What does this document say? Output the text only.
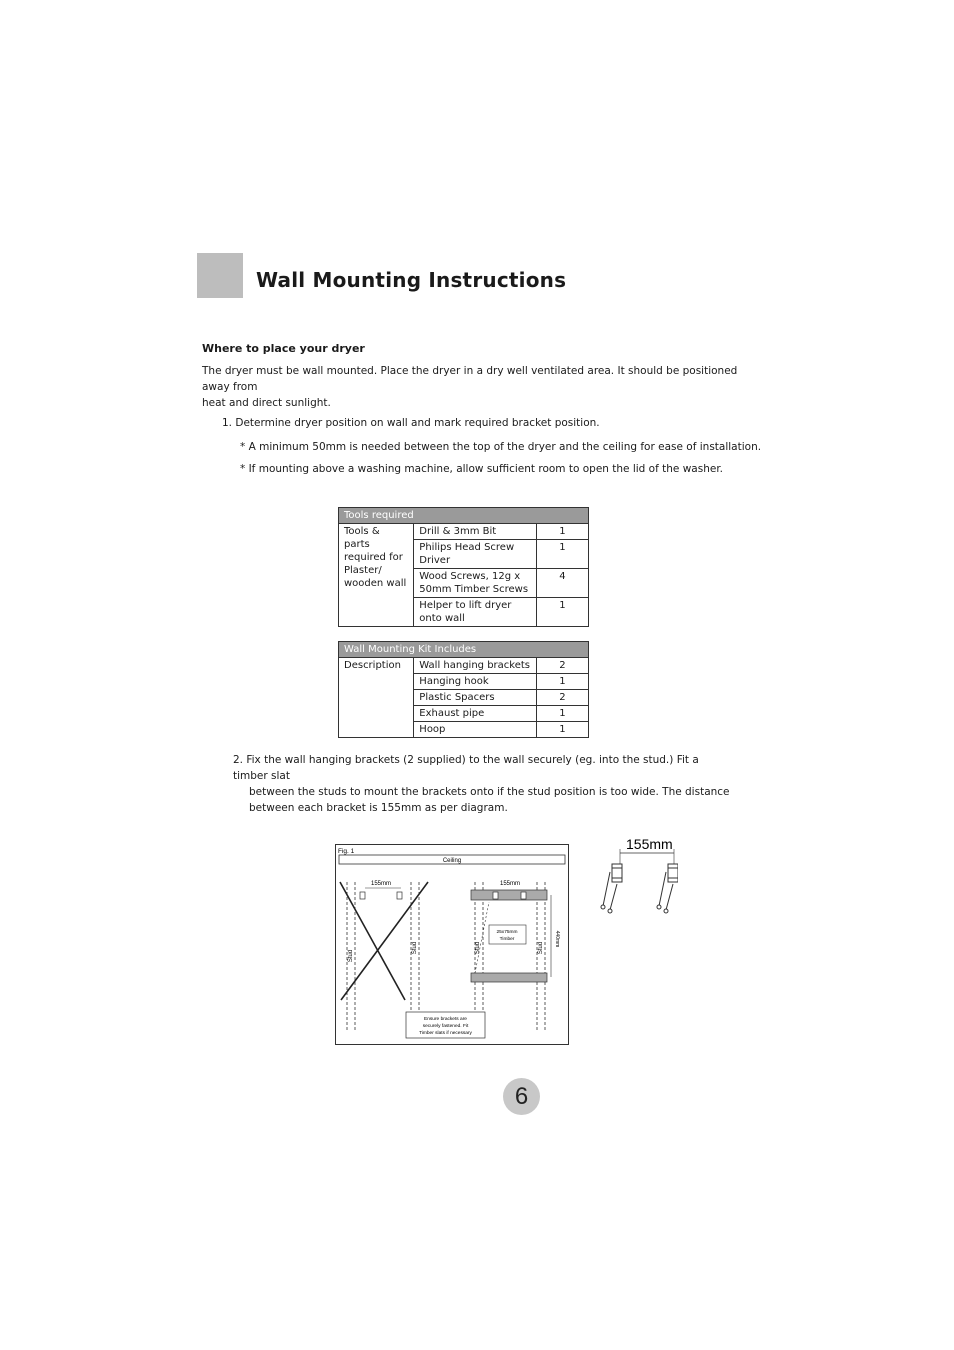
Wall Mounting Instructions
Where to place your dryer
The dryer must be wall mounted. Place the dryer in a dry well ventilated area. It should be positioned away from
heat and direct sunlight.
1. Determine dryer position on wall and mark required bracket position.
* A minimum 50mm is needed between the top of the dryer and the ceiling for ease of installation.
* If mounting above a washing machine, allow sufficient room to open the lid of the washer.
Tools required		
Tools & parts required for Plaster/ wooden wall	Drill & 3mm Bit	1
	Philips Head Screw Driver	1
	Wood Screws, 12g x 50mm Timber Screws	4
	Helper to lift dryer onto wall	1
Wall Mounting Kit Includes		
Description	Wall hanging brackets	2
	Hanging hook	1
	Plastic Spacers	2
	Exhaust pipe	1
	Hoop	1
2. Fix the wall hanging brackets (2 supplied) to the wall securely (eg. into the stud.) Fit a timber slat
between the studs to mount the brackets onto if the stud position is too wide. The distance
between each bracket is 155mm as per diagram.
Fig. 1
Ceiling
155mm
Stud
Stud
155mm
25x75mm
Timber
Stud	Stud
440mm
Ensure brackets are
securely fastened. Fit
Timber slats if necessary
155mm
6
